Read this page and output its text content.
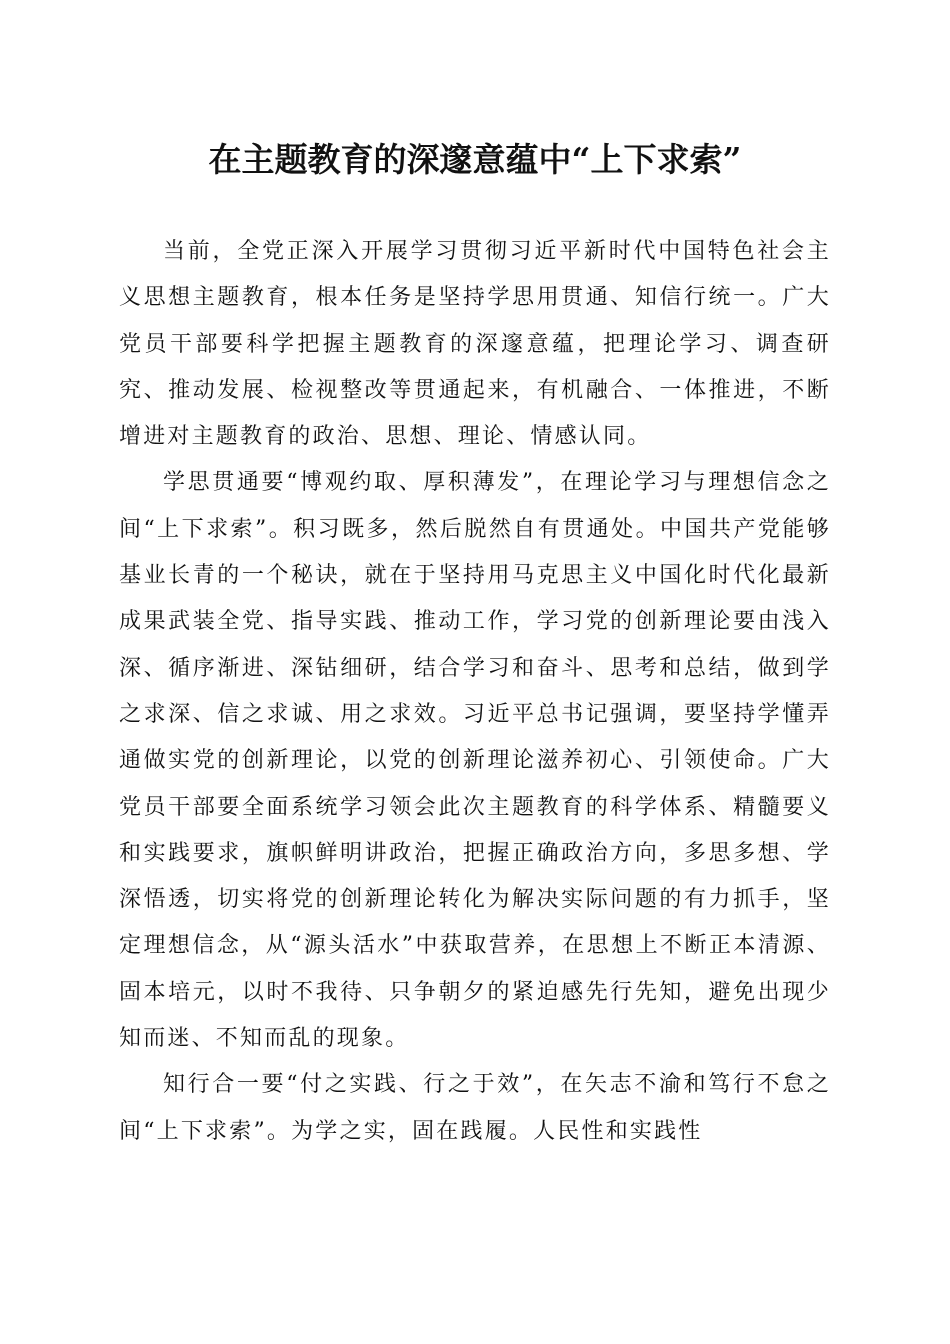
在主题教育的深邃意蕴中“上下求索”

当前，全党正深入开展学习贯彻习近平新时代中国特色社会主义思想主题教育，根本任务是坚持学思用贯通、知信行统一。广大党员干部要科学把握主题教育的深邃意蕴，把理论学习、调查研究、推动发展、检视整改等贯通起来，有机融合、一体推进，不断增进对主题教育的政治、思想、理论、情感认同。

学思贯通要“博观约取、厚积薄发”，在理论学习与理想信念之间“上下求索”。积习既多，然后脱然自有贯通处。中国共产党能够基业长青的一个秘诀，就在于坚持用马克思主义中国化时代化最新成果武装全党、指导实践、推动工作，学习党的创新理论要由浅入深、循序渐进、深钻细研，结合学习和奋斗、思考和总结，做到学之求深、信之求诚、用之求效。习近平总书记强调，要坚持学懂弄通做实党的创新理论，以党的创新理论滋养初心、引领使命。广大党员干部要全面系统学习领会此次主题教育的科学体系、精髓要义和实践要求，旗帜鲜明讲政治，把握正确政治方向，多思多想、学深悟透，切实将党的创新理论转化为解决实际问题的有力抓手，坚定理想信念，从“源头活水”中获取营养，在思想上不断正本清源、固本培元，以时不我待、只争朝夕的紧迫感先行先知，避免出现少知而迷、不知而乱的现象。

知行合一要“付之实践、行之于效”，在矢志不渝和笃行不怠之间“上下求索”。为学之实，固在践履。人民性和实践性
